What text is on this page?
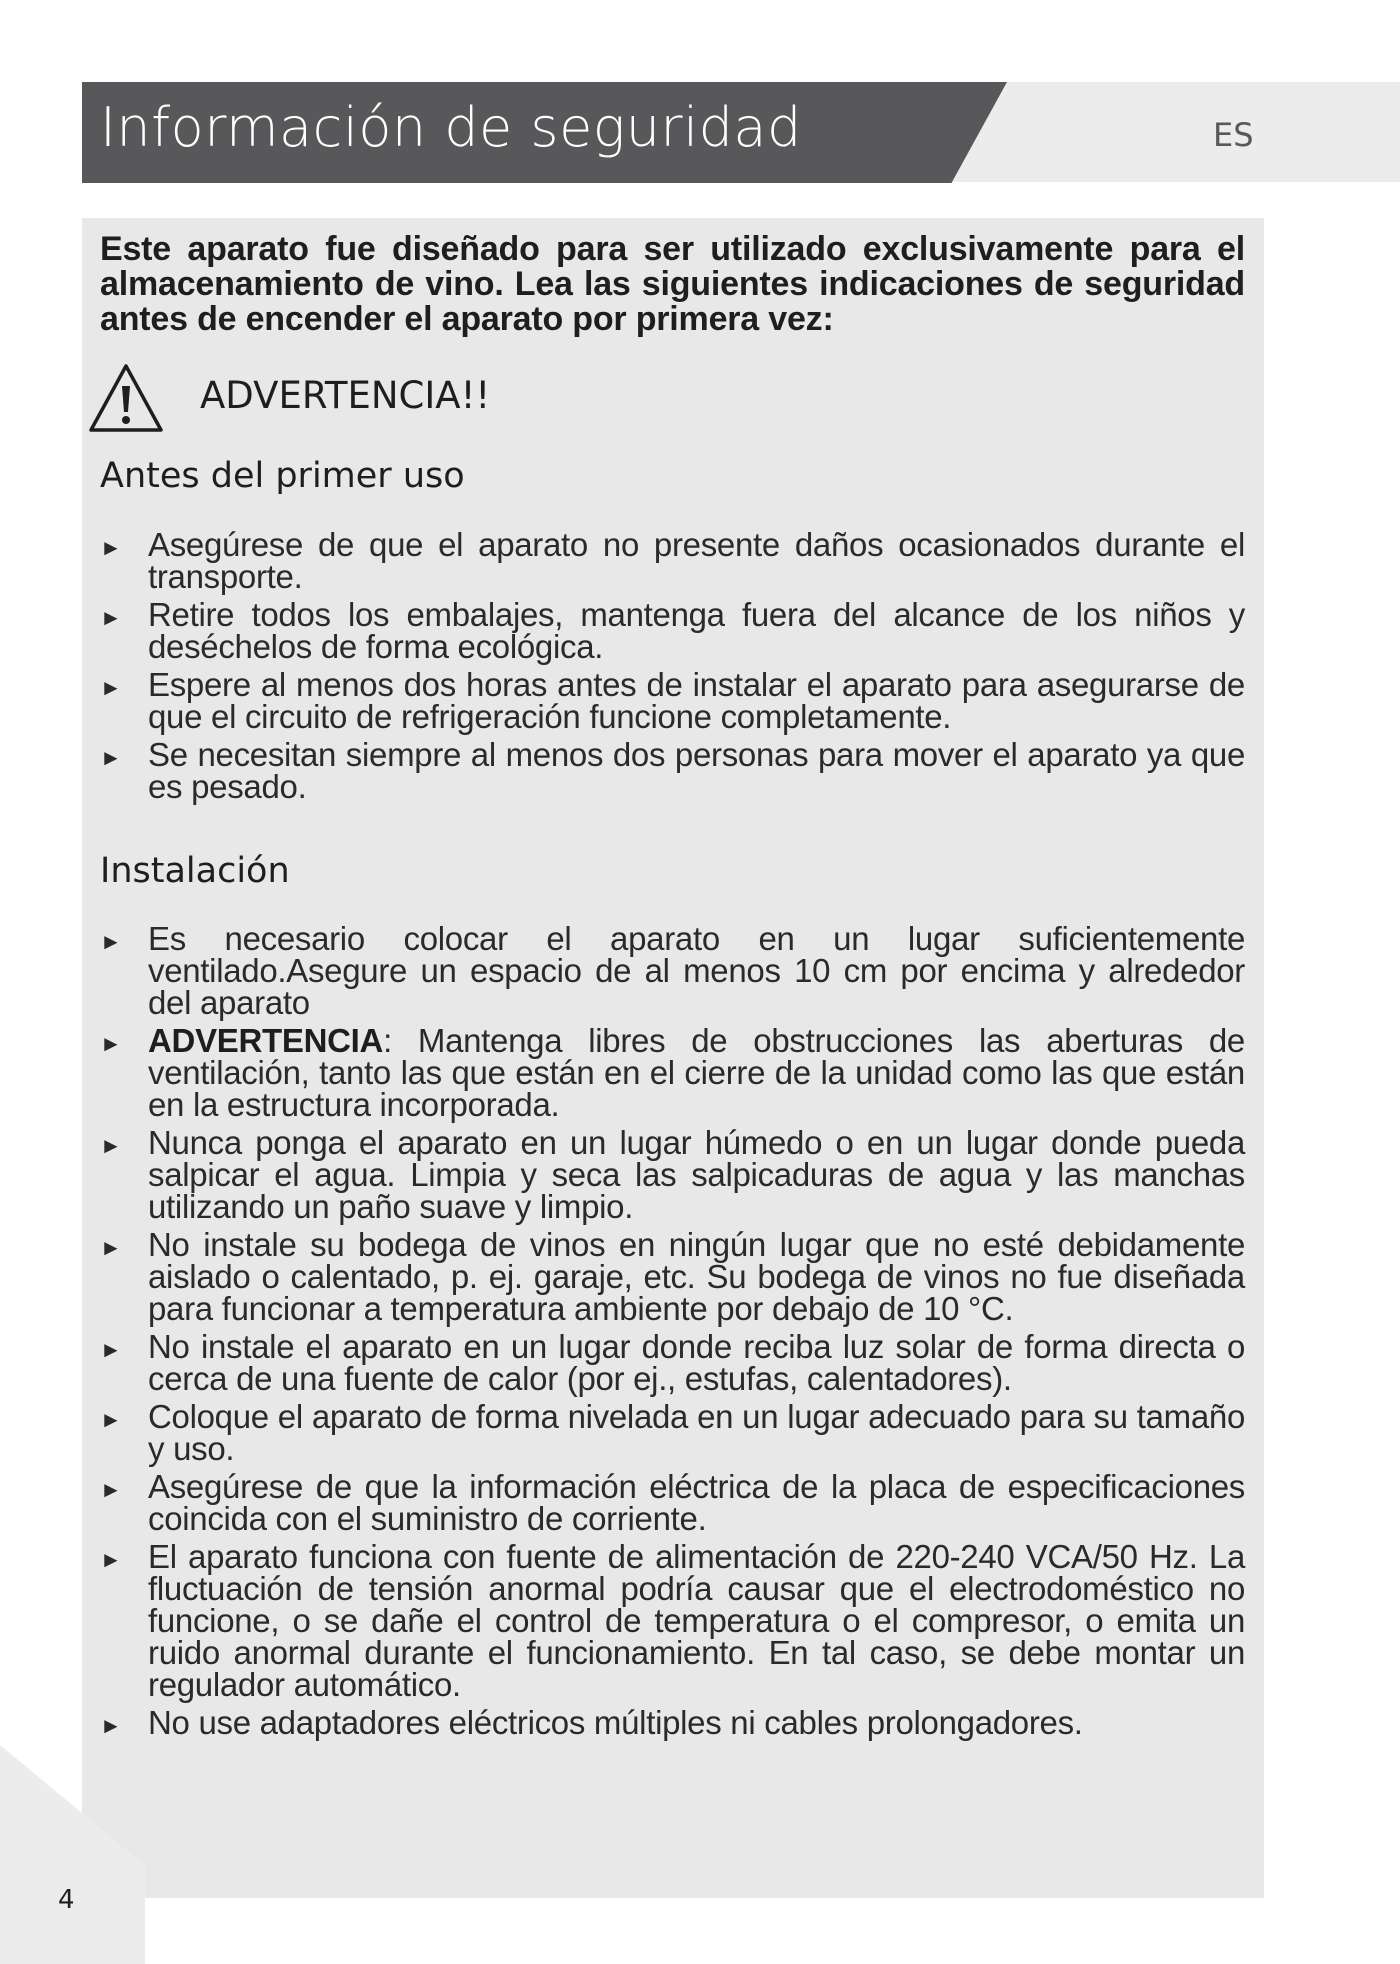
Información de seguridad	ES

Este aparato fue diseñado para ser utilizado exclusivamente para el almacenamiento de vino. Lea las siguientes indicaciones de seguridad antes de encender el aparato por primera vez:

ADVERTENCIA!!
Antes del primer uso
► Asegúrese de que el aparato no presente daños ocasionados durante el transporte.
► Retire todos los embalajes, mantenga fuera del alcance de los niños y deséchelos de forma ecológica.
► Espere al menos dos horas antes de instalar el aparato para asegurarse de que el circuito de refrigeración funcione completamente.
► Se necesitan siempre al menos dos personas para mover el aparato ya que es pesado.
Instalación
► Es necesario colocar el aparato en un lugar suficientemente ventilado.Asegure un espacio de al menos 10 cm por encima y alrededor del aparato
► ADVERTENCIA: Mantenga libres de obstrucciones las aberturas de ventilación, tanto las que están en el cierre de la unidad como las que están en la estructura incorporada.
► Nunca ponga el aparato en un lugar húmedo o en un lugar donde pueda salpicar el agua. Limpia y seca las salpicaduras de agua y las manchas utilizando un paño suave y limpio.
► No instale su bodega de vinos en ningún lugar que no esté debidamente aislado o calentado, p. ej. garaje, etc. Su bodega de vinos no fue diseñada para funcionar a temperatura ambiente por debajo de 10 °C.
► No instale el aparato en un lugar donde reciba luz solar de forma directa o cerca de una fuente de calor (por ej., estufas, calentadores).
► Coloque el aparato de forma nivelada en un lugar adecuado para su tamaño y uso.
► Asegúrese de que la información eléctrica de la placa de especificaciones coincida con el suministro de corriente.
► El aparato funciona con fuente de alimentación de 220-240 VCA/50 Hz. La fluctuación de tensión anormal podría causar que el electrodoméstico no funcione, o se dañe el control de temperatura o el compresor, o emita un ruido anormal durante el funcionamiento. En tal caso, se debe montar un regulador automático.
► No use adaptadores eléctricos múltiples ni cables prolongadores.
4
